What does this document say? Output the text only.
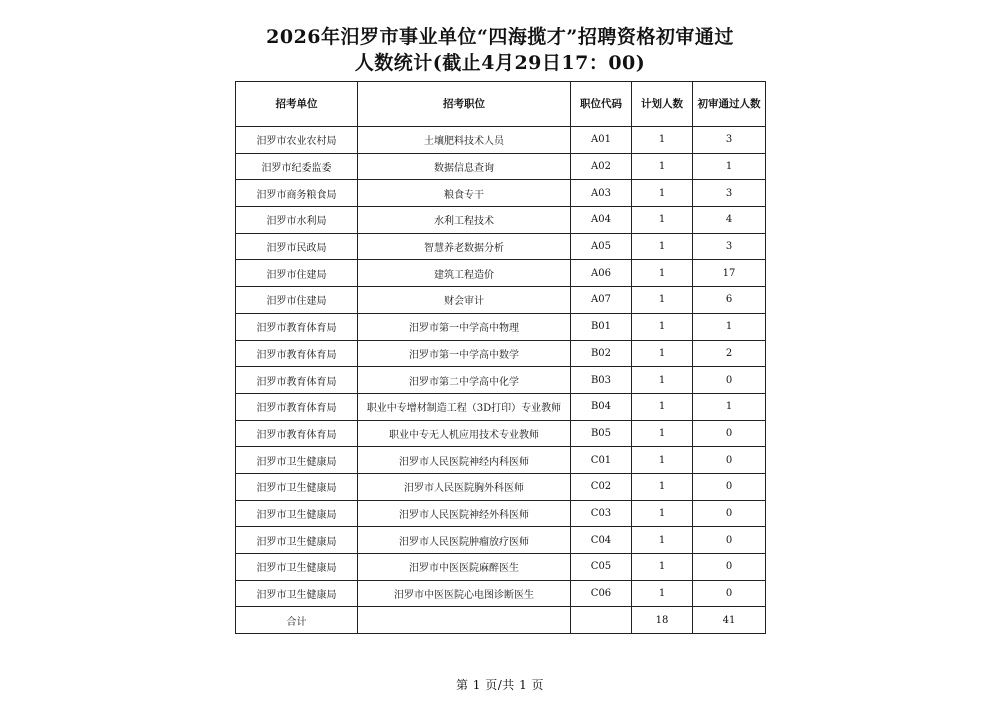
2026年汨罗市事业单位“四海揽才”招聘资格初审通过
人数统计(截止4月29日17：00)
招考单位	招考职位	职位代码	计划人数	初审通过人数
汨罗市农业农村局	土壤肥料技术人员	A01	1	3
汨罗市纪委监委	数据信息查询	A02	1	1
汨罗市商务粮食局	粮食专干	A03	1	3
汨罗市水利局	水利工程技术	A04	1	4
汨罗市民政局	智慧养老数据分析	A05	1	3
汨罗市住建局	建筑工程造价	A06	1	17
汨罗市住建局	财会审计	A07	1	6
汨罗市教育体育局	汨罗市第一中学高中物理	B01	1	1
汨罗市教育体育局	汨罗市第一中学高中数学	B02	1	2
汨罗市教育体育局	汨罗市第二中学高中化学	B03	1	0
汨罗市教育体育局	职业中专增材制造工程（3D打印）专业教师	B04	1	1
汨罗市教育体育局	职业中专无人机应用技术专业教师	B05	1	0
汨罗市卫生健康局	汨罗市人民医院神经内科医师	C01	1	0
汨罗市卫生健康局	汨罗市人民医院胸外科医师	C02	1	0
汨罗市卫生健康局	汨罗市人民医院神经外科医师	C03	1	0
汨罗市卫生健康局	汨罗市人民医院肿瘤放疗医师	C04	1	0
汨罗市卫生健康局	汨罗市中医医院麻醉医生	C05	1	0
汨罗市卫生健康局	汨罗市中医医院心电图诊断医生	C06	1	0
合计			18	41
第 1 页/共 1 页
